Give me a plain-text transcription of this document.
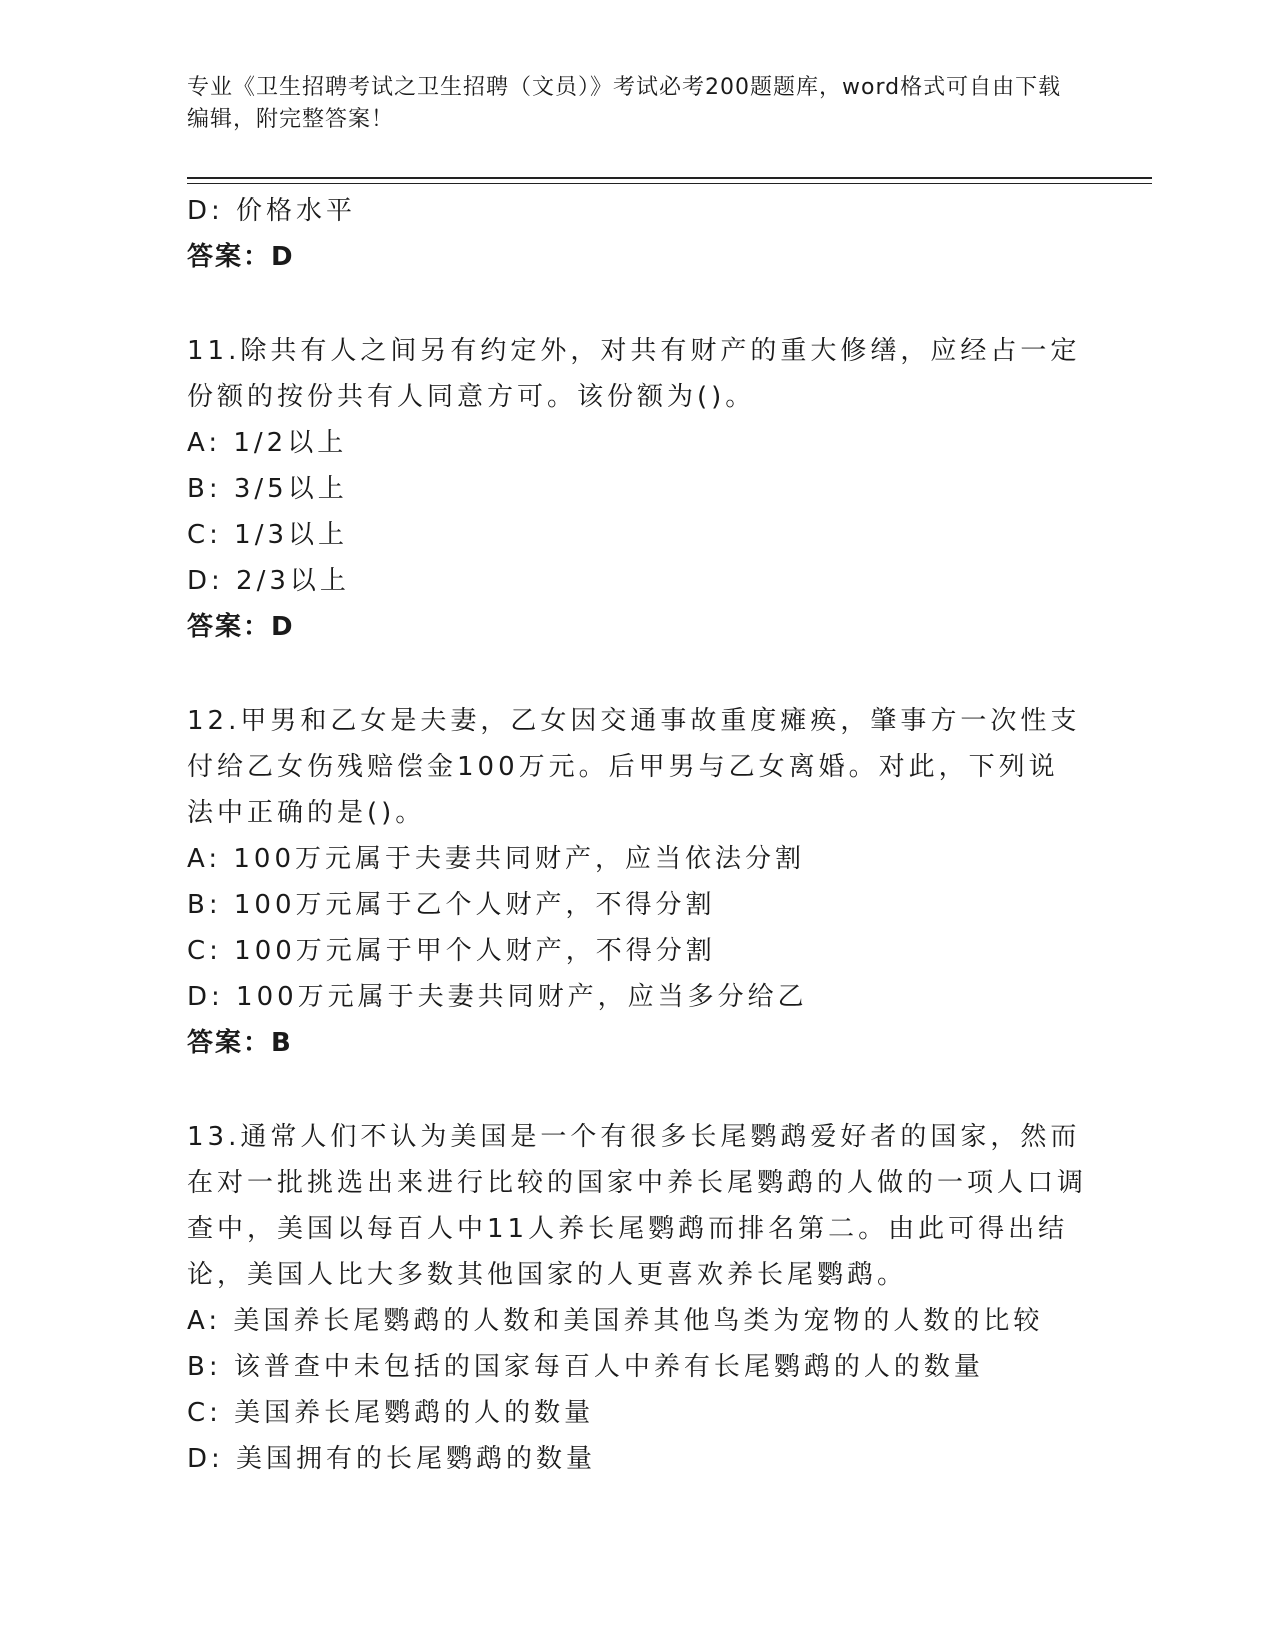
专业《卫生招聘考试之卫生招聘（文员）》考试必考200题题库，word格式可自由下载编辑，附完整答案！
D: 价格水平
答案：D
11.除共有人之间另有约定外，对共有财产的重大修缮，应经占一定份额的按份共有人同意方可。该份额为()。
A: 1/2以上
B: 3/5以上
C: 1/3以上
D: 2/3以上
答案：D
12.甲男和乙女是夫妻，乙女因交通事故重度瘫痪，肇事方一次性支付给乙女伤残赔偿金100万元。后甲男与乙女离婚。对此，下列说法中正确的是()。
A: 100万元属于夫妻共同财产，应当依法分割
B: 100万元属于乙个人财产，不得分割
C: 100万元属于甲个人财产，不得分割
D: 100万元属于夫妻共同财产，应当多分给乙
答案：B
13.通常人们不认为美国是一个有很多长尾鹦鹉爱好者的国家，然而在对一批挑选出来进行比较的国家中养长尾鹦鹉的人做的一项人口调查中，美国以每百人中11人养长尾鹦鹉而排名第二。由此可得出结论，美国人比大多数其他国家的人更喜欢养长尾鹦鹉。
A: 美国养长尾鹦鹉的人数和美国养其他鸟类为宠物的人数的比较
B: 该普查中未包括的国家每百人中养有长尾鹦鹉的人的数量
C: 美国养长尾鹦鹉的人的数量
D: 美国拥有的长尾鹦鹉的数量
